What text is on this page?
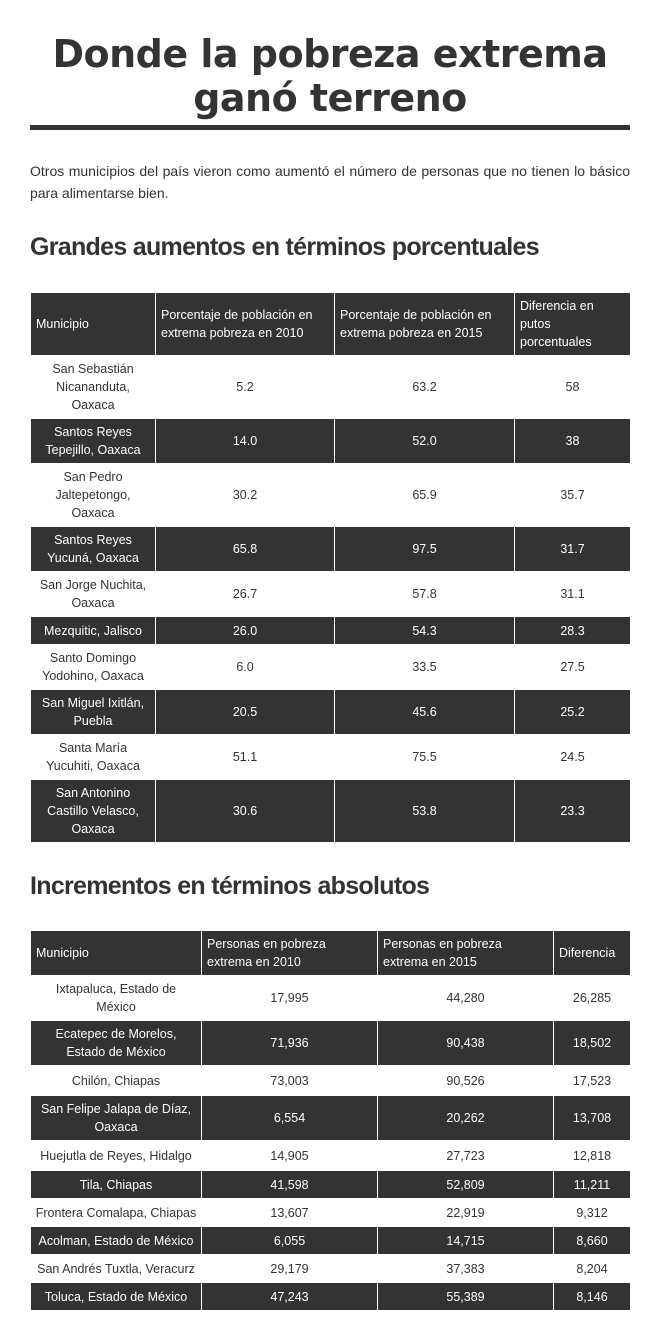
Donde la pobreza extrema
ganó terreno

Otros municipios del país vieron como aumentó el número de personas que no tienen lo básico para alimentarse bien.

Grandes aumentos en términos porcentuales
Municipio	Porcentaje de población en extrema pobreza en 2010	Porcentaje de población en extrema pobreza en 2015	Diferencia en putos porcentuales
San Sebastián Nicananduta, Oaxaca	5.2	63.2	58
Santos Reyes Tepejillo, Oaxaca	14.0	52.0	38
San Pedro Jaltepetongo, Oaxaca	30.2	65.9	35.7
Santos Reyes Yucuná, Oaxaca	65.8	97.5	31.7
San Jorge Nuchita, Oaxaca	26.7	57.8	31.1
Mezquitic, Jalisco	26.0	54.3	28.3
Santo Domingo Yodohino, Oaxaca	6.0	33.5	27.5
San Miguel Ixitlán, Puebla	20.5	45.6	25.2
Santa María Yucuhiti, Oaxaca	51.1	75.5	24.5
San Antonino Castillo Velasco, Oaxaca	30.6	53.8	23.3
Incrementos en términos absolutos
Municipio	Personas en pobreza extrema en 2010	Personas en pobreza extrema en 2015	Diferencia
Ixtapaluca, Estado de México	17,995	44,280	26,285
Ecatepec de Morelos, Estado de México	71,936	90,438	18,502
Chilón, Chiapas	73,003	90,526	17,523
San Felipe Jalapa de Díaz, Oaxaca	6,554	20,262	13,708
Huejutla de Reyes, Hidalgo	14,905	27,723	12,818
Tila, Chiapas	41,598	52,809	11,211
Frontera Comalapa, Chiapas	13,607	22,919	9,312
Acolman, Estado de México	6,055	14,715	8,660
San Andrés Tuxtla, Veracurz	29,179	37,383	8,204
Toluca, Estado de México	47,243	55,389	8,146
